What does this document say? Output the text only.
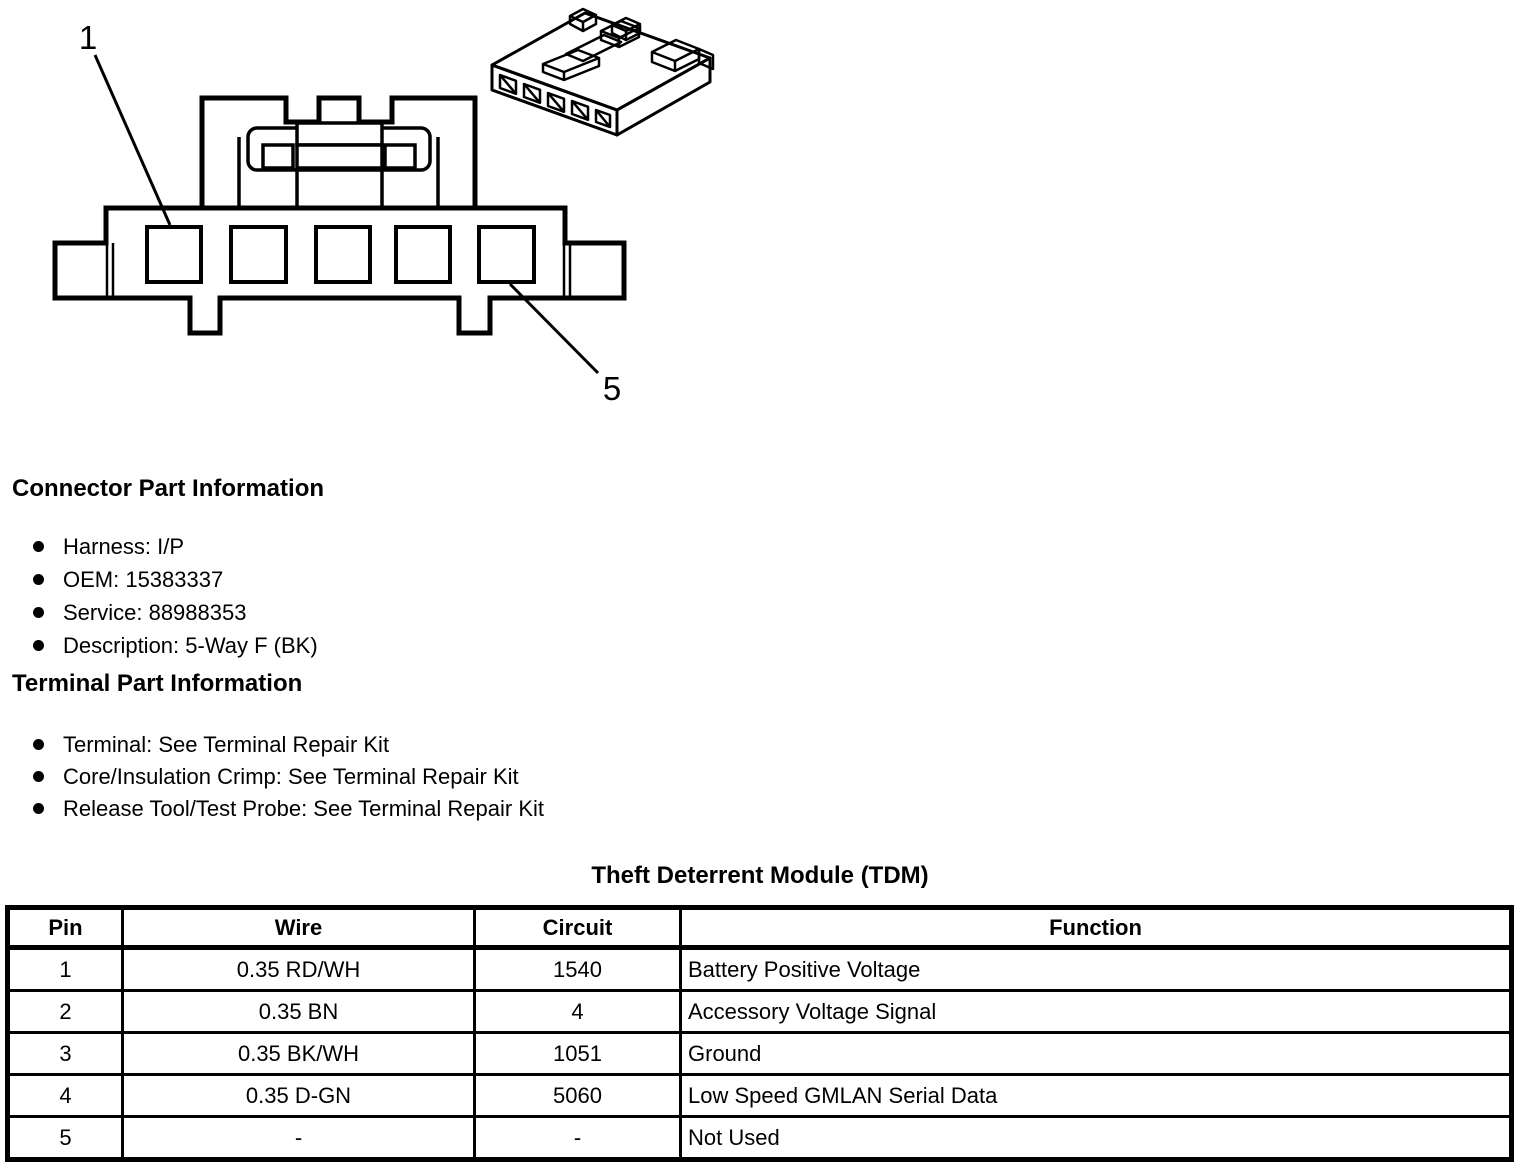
1
5
Connector Part Information
Harness: I/P
OEM: 15383337
Service: 88988353
Description: 5-Way F (BK)
Terminal Part Information
Terminal: See Terminal Repair Kit
Core/Insulation Crimp: See Terminal Repair Kit
Release Tool/Test Probe: See Terminal Repair Kit
Theft Deterrent Module (TDM)
Pin	Wire	Circuit	Function
1	0.35 RD/WH	1540	Battery Positive Voltage
2	0.35 BN	4	Accessory Voltage Signal
3	0.35 BK/WH	1051	Ground
4	0.35 D-GN	5060	Low Speed GMLAN Serial Data
5	-	-	Not Used
